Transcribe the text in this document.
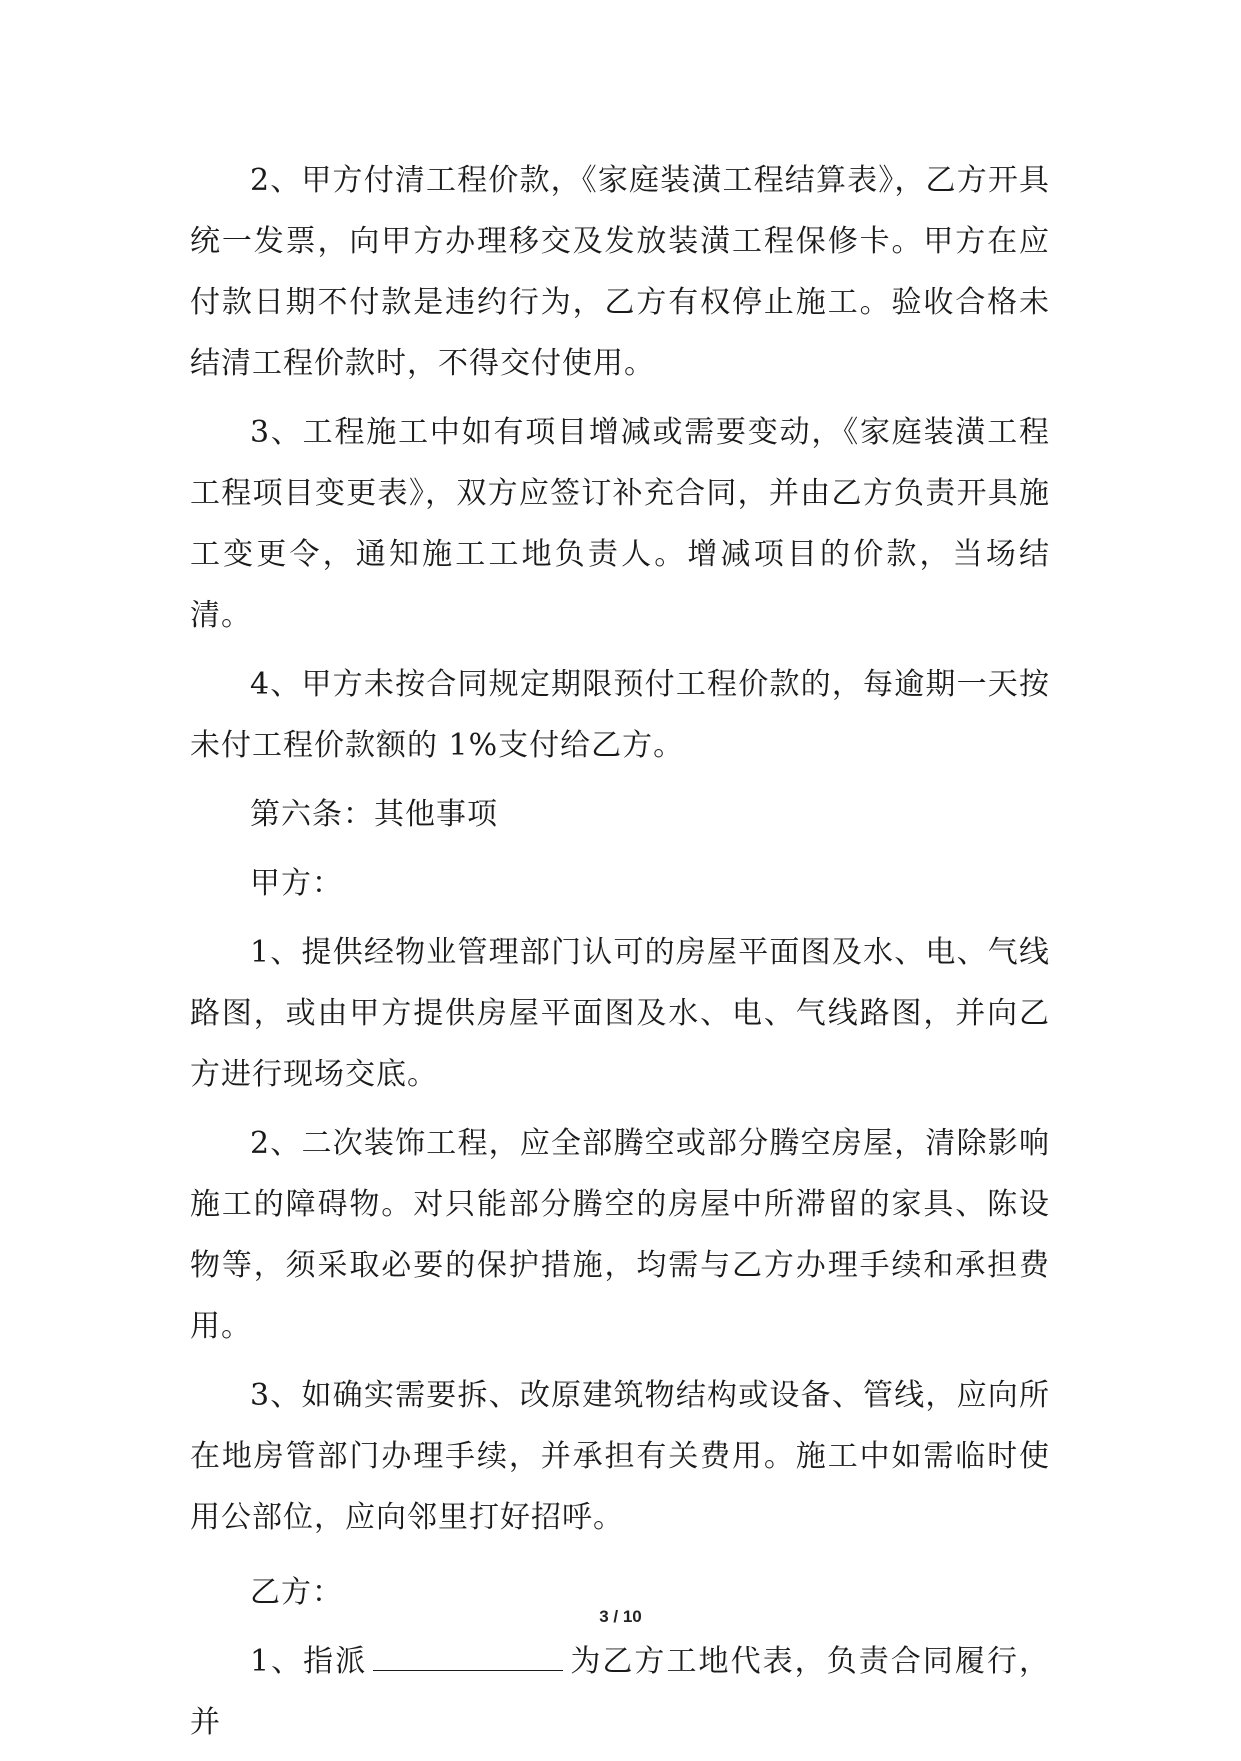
2、甲方付清工程价款，《家庭装潢工程结算表》，乙方开具统一发票，向甲方办理移交及发放装潢工程保修卡。甲方在应付款日期不付款是违约行为，乙方有权停止施工。验收合格未结清工程价款时，不得交付使用。

3、工程施工中如有项目增减或需要变动，《家庭装潢工程工程项目变更表》，双方应签订补充合同，并由乙方负责开具施工变更令，通知施工工地负责人。增减项目的价款，当场结清。

4、甲方未按合同规定期限预付工程价款的，每逾期一天按未付工程价款额的 1%支付给乙方。

第六条：其他事项

甲方：

1、提供经物业管理部门认可的房屋平面图及水、电、气线路图，或由甲方提供房屋平面图及水、电、气线路图，并向乙方进行现场交底。

2、二次装饰工程，应全部腾空或部分腾空房屋，清除影响施工的障碍物。对只能部分腾空的房屋中所滞留的家具、陈设物等，须采取必要的保护措施，均需与乙方办理手续和承担费用。

3、如确实需要拆、改原建筑物结构或设备、管线，应向所在地房管部门办理手续，并承担有关费用。施工中如需临时使用公部位，应向邻里打好招呼。

乙方：

1、指派	为乙方工地代表，负责合同履行，并

3 / 10
